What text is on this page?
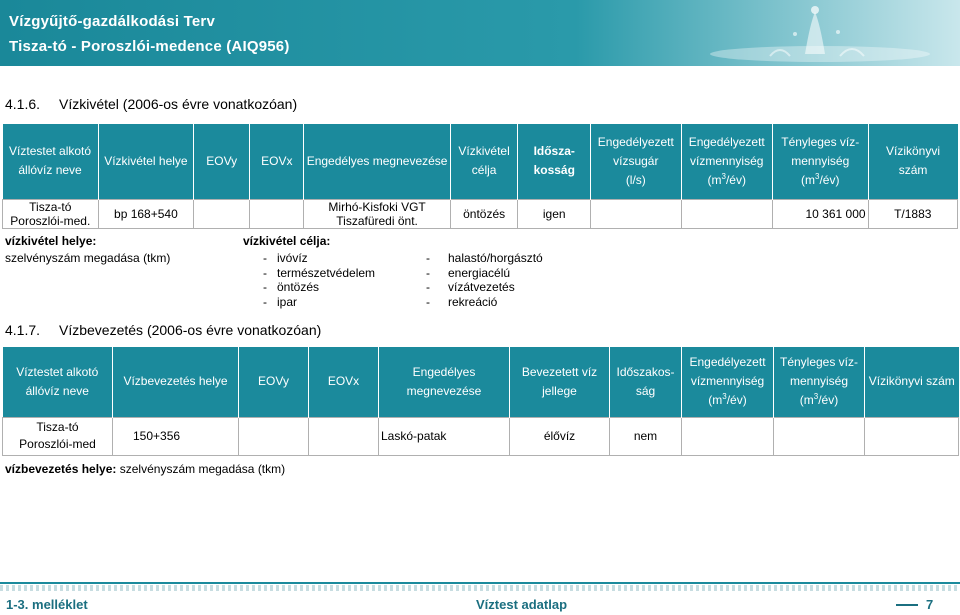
Vízgyűjtő-gazdálkodási Terv
Tisza-tó - Poroszlói-medence (AIQ956)
4.1.6. Vízkivétel (2006-os évre vonatkozóan)
Víztestet alkotó
állóvíz neve	Vízkivétel helye	EOVy	EOVx	Engedélyes megnevezése	Vízkivétel célja	Idősza-
kosság	Engedélyezett
vízsugár
(l/s)	Engedélyezett
vízmennyiség
$(m^3/év)$	Tényleges víz-
mennyiség
$(m^3/év)$	Vízikönyvi
szám
Tisza-tó
Poroszlói-med.	bp 168+540			Mirhó-Kisfoki VGT
Tiszafüredi önt.	öntözés	igen			10 361 000	T/1883
vízkivétel helye:	vízkivétel célja:
szelvényszám megadása (tkm)	- ivóvíz
- természetvédelem
- öntözés
- ipar
- halastó/horgásztó
- energiacélú
- vízátvezetés
- rekreáció
4.1.7. Vízbevezetés (2006-os évre vonatkozóan)
Víztestet alkotó
állóvíz neve	Vízbevezetés helye	EOVy	EOVx	Engedélyes
megnevezése	Bevezetett víz
jellege	Időszakos-
ság	Engedélyezett
vízmennyiség
$(m^3/év)$	Tényleges víz-
mennyiség
$(m^3/év)$	Vízikönyvi szám
Tisza-tó
Poroszlói-med	150+356			Laskó-patak	élővíz	nem			
vízbevezetés helye: szelvényszám megadása (tkm)
1-3. melléklet	Víztest adatlap	7
